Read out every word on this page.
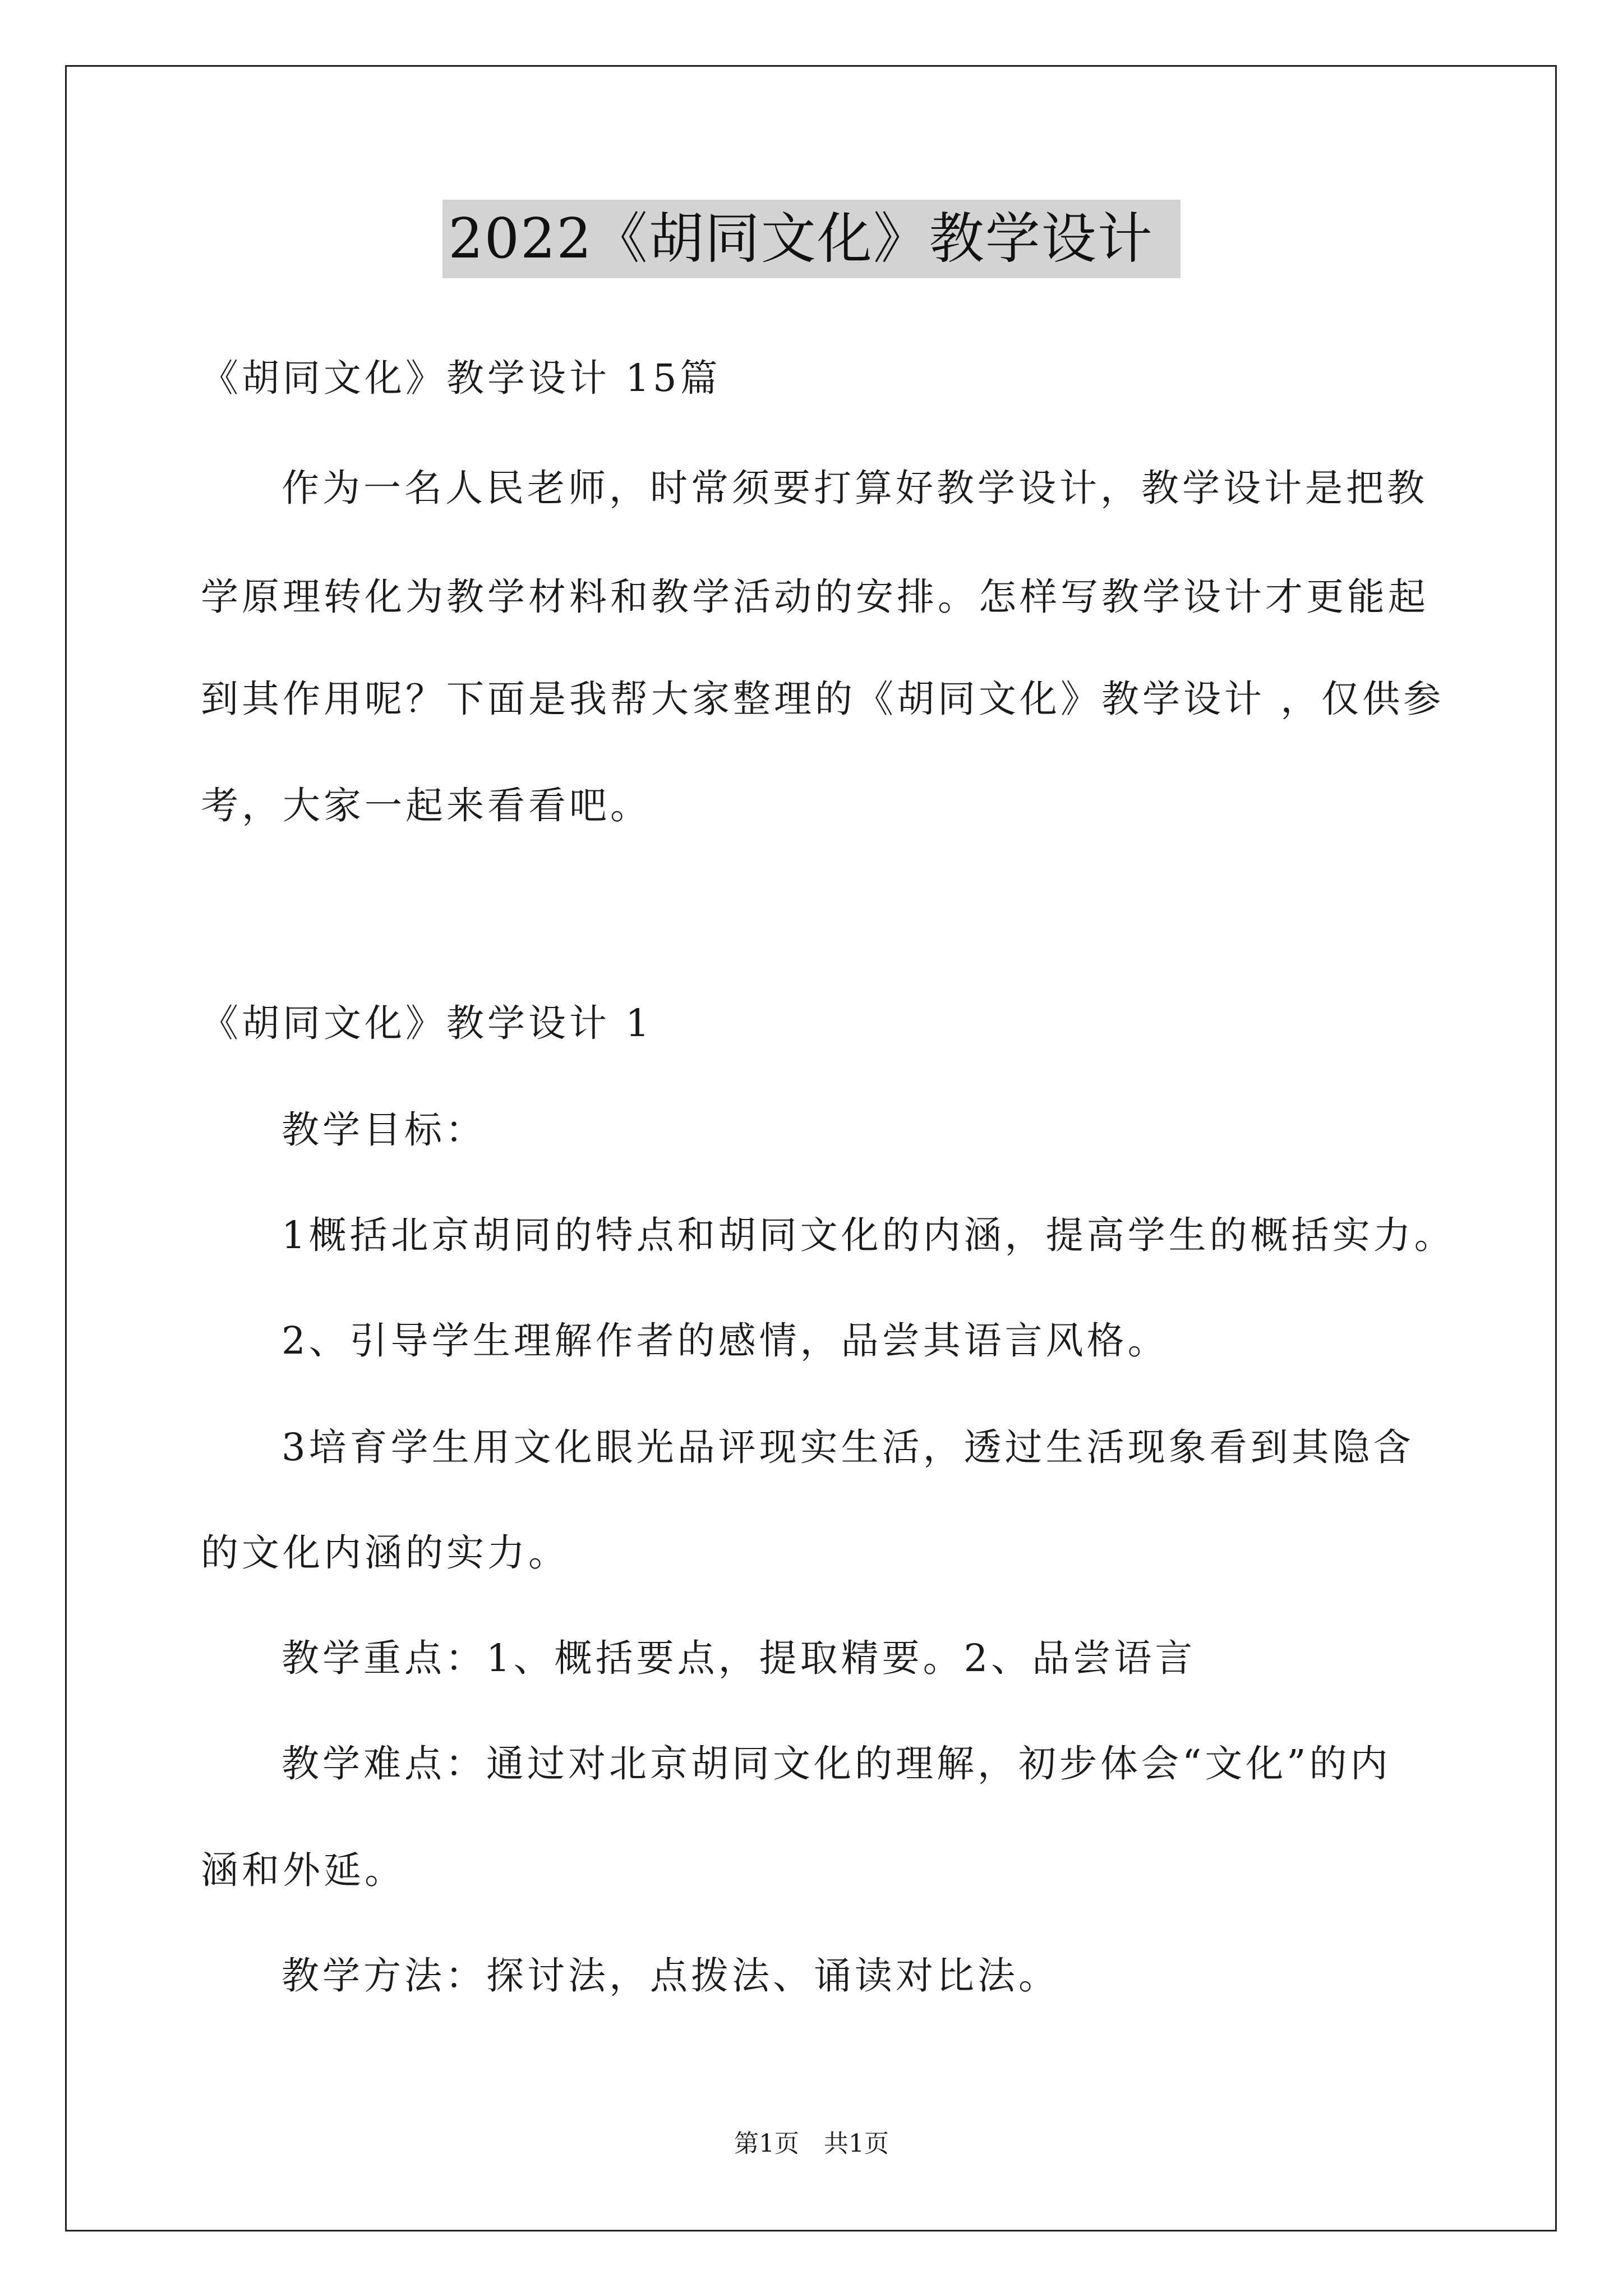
2022《胡同文化》教学设计
《胡同文化》教学设计 15篇
作为一名人民老师，时常须要打算好教学设计，教学设计是把教
学原理转化为教学材料和教学活动的安排。怎样写教学设计才更能起
到其作用呢？下面是我帮大家整理的《胡同文化》教学设计 ，仅供参
考，大家一起来看看吧。
《胡同文化》教学设计 1
教学目标：
1概括北京胡同的特点和胡同文化的内涵，提高学生的概括实力。
2、引导学生理解作者的感情，品尝其语言风格。
3培育学生用文化眼光品评现实生活，透过生活现象看到其隐含
的文化内涵的实力。
教学重点：1、概括要点，提取精要。2、品尝语言
教学难点：通过对北京胡同文化的理解，初步体会“文化”的内
涵和外延。
教学方法：探讨法，点拨法、诵读对比法。
第1页　共1页
